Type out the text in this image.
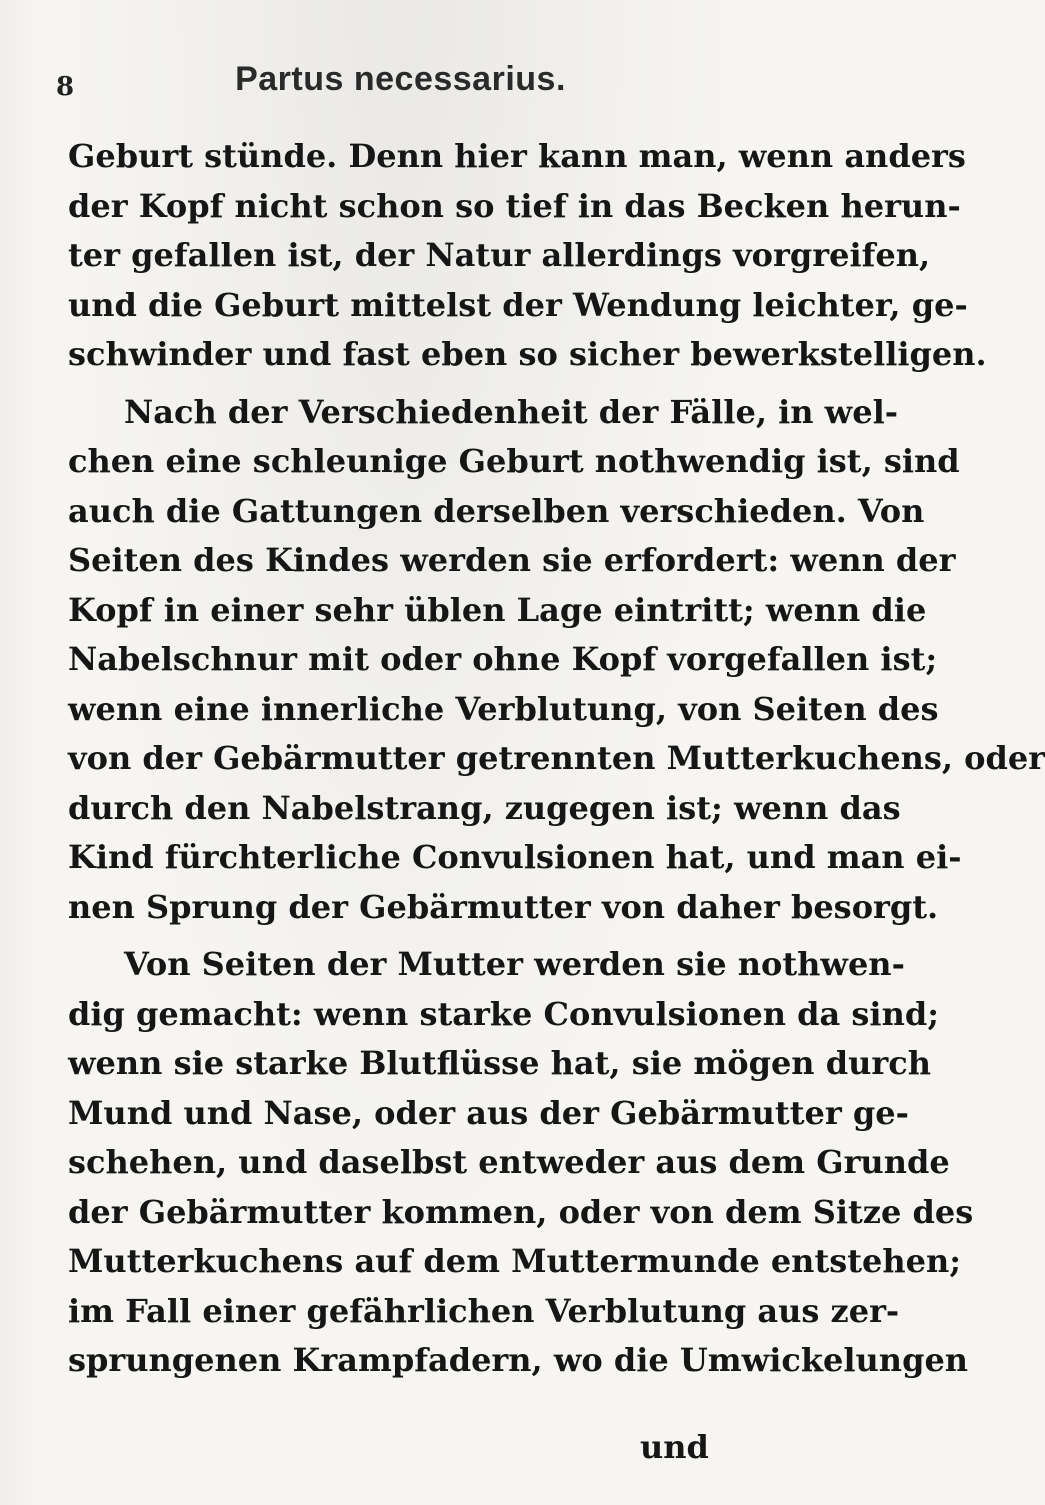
8	Partus necessarius.
Geburt stünde. Denn hier kann man, wenn anders
der Kopf nicht schon so tief in das Becken herun-
ter gefallen ist, der Natur allerdings vorgreifen,
und die Geburt mittelst der Wendung leichter, ge-
schwinder und fast eben so sicher bewerkstelligen.
Nach der Verschiedenheit der Fälle, in wel-
chen eine schleunige Geburt nothwendig ist, sind
auch die Gattungen derselben verschieden. Von
Seiten des Kindes werden sie erfordert: wenn der
Kopf in einer sehr üblen Lage eintritt; wenn die
Nabelschnur mit oder ohne Kopf vorgefallen ist;
wenn eine innerliche Verblutung, von Seiten des
von der Gebärmutter getrennten Mutterkuchens, oder
durch den Nabelstrang, zugegen ist; wenn das
Kind fürchterliche Convulsionen hat, und man ei-
nen Sprung der Gebärmutter von daher besorgt.
Von Seiten der Mutter werden sie nothwen-
dig gemacht: wenn starke Convulsionen da sind;
wenn sie starke Blutflüsse hat, sie mögen durch
Mund und Nase, oder aus der Gebärmutter ge-
schehen, und daselbst entweder aus dem Grunde
der Gebärmutter kommen, oder von dem Sitze des
Mutterkuchens auf dem Muttermunde entstehen;
im Fall einer gefährlichen Verblutung aus zer-
sprungenen Krampfadern, wo die Umwickelungen
und
